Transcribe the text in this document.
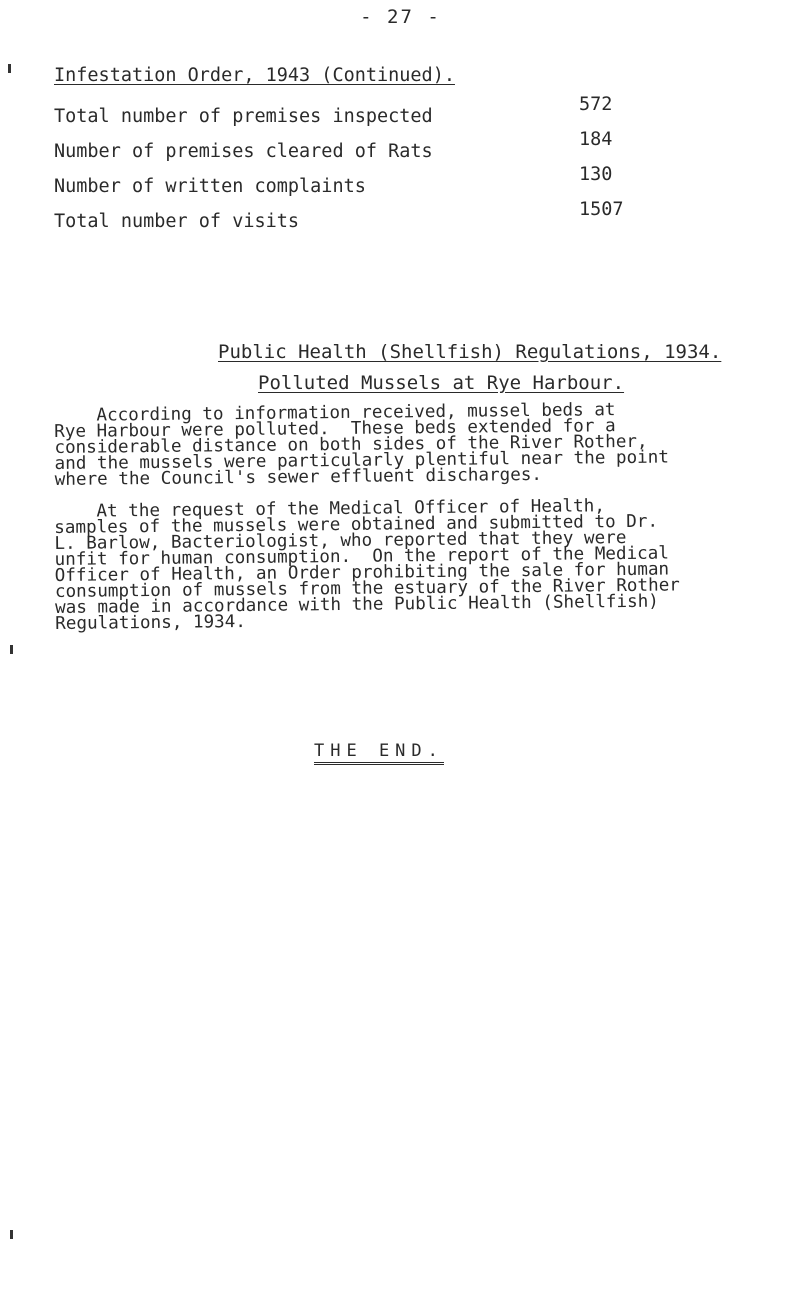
- 27 -
Infestation Order, 1943 (Continued).
Total number of premises inspected
572
Number of premises cleared of Rats
184
Number of written complaints
130
Total number of visits
1507
Public Health (Shellfish) Regulations, 1934.
Polluted Mussels at Rye Harbour.
According to information received, mussel beds at
Rye Harbour were polluted.  These beds extended for a
considerable distance on both sides of the River Rother,
and the mussels were particularly plentiful near the point
where the Council's sewer effluent discharges.
At the request of the Medical Officer of Health,
samples of the mussels were obtained and submitted to Dr.
L. Barlow, Bacteriologist, who reported that they were
unfit for human consumption.  On the report of the Medical
Officer of Health, an Order prohibiting the sale for human
consumption of mussels from the estuary of the River Rother
was made in accordance with the Public Health (Shellfish)
Regulations, 1934.
THE END.
